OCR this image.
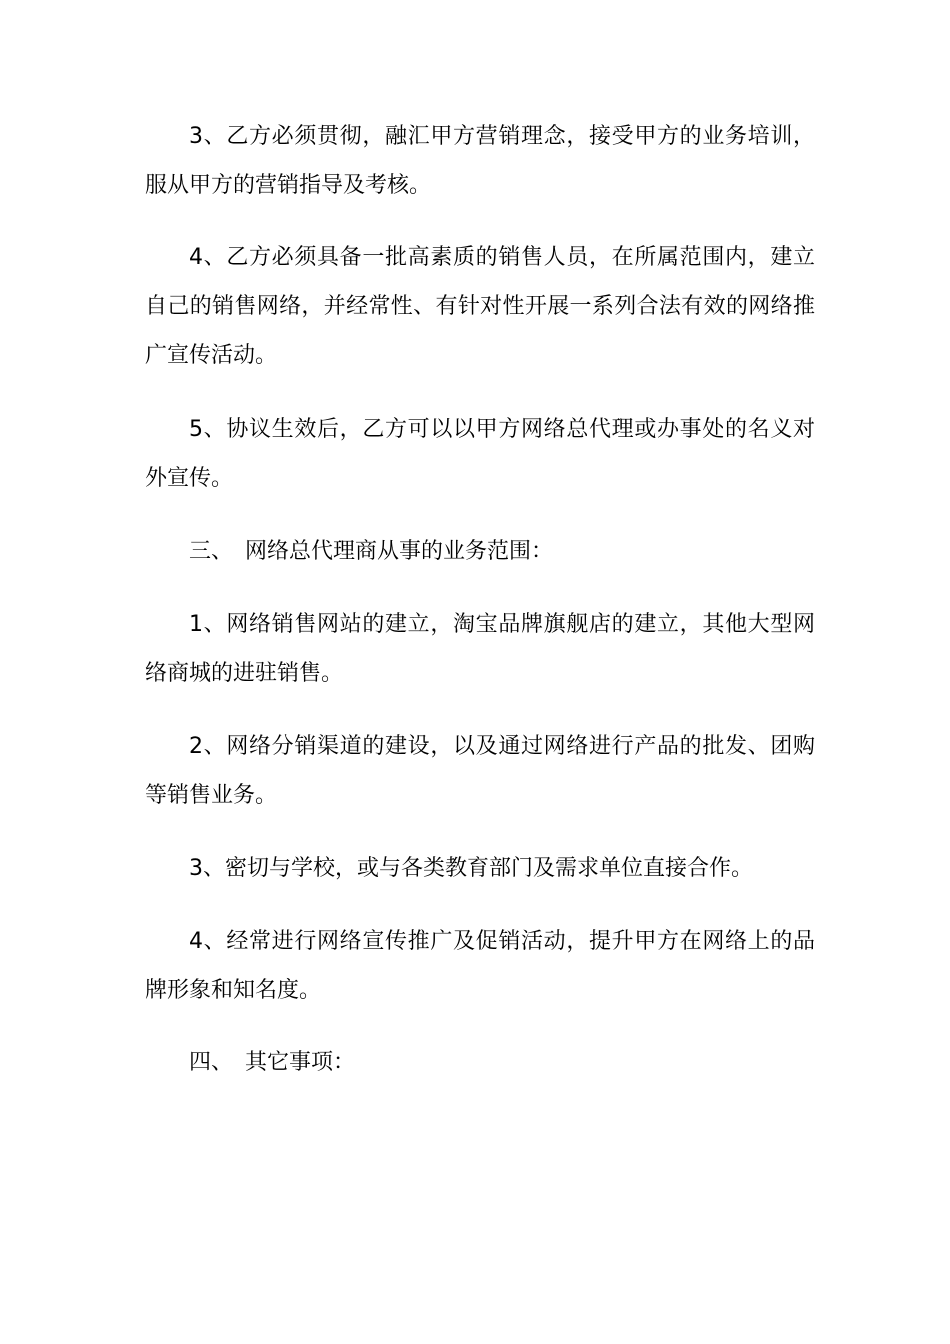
3、乙方必须贯彻，融汇甲方营销理念，接受甲方的业务培训，服从甲方的营销指导及考核。

4、乙方必须具备一批高素质的销售人员，在所属范围内，建立自己的销售网络，并经常性、有针对性开展一系列合法有效的网络推广宣传活动。

5、协议生效后，乙方可以以甲方网络总代理或办事处的名义对外宣传。

三、 网络总代理商从事的业务范围：

1、网络销售网站的建立，淘宝品牌旗舰店的建立，其他大型网络商城的进驻销售。

2、网络分销渠道的建设，以及通过网络进行产品的批发、团购等销售业务。

3、密切与学校，或与各类教育部门及需求单位直接合作。

4、经常进行网络宣传推广及促销活动，提升甲方在网络上的品牌形象和知名度。

四、 其它事项：
